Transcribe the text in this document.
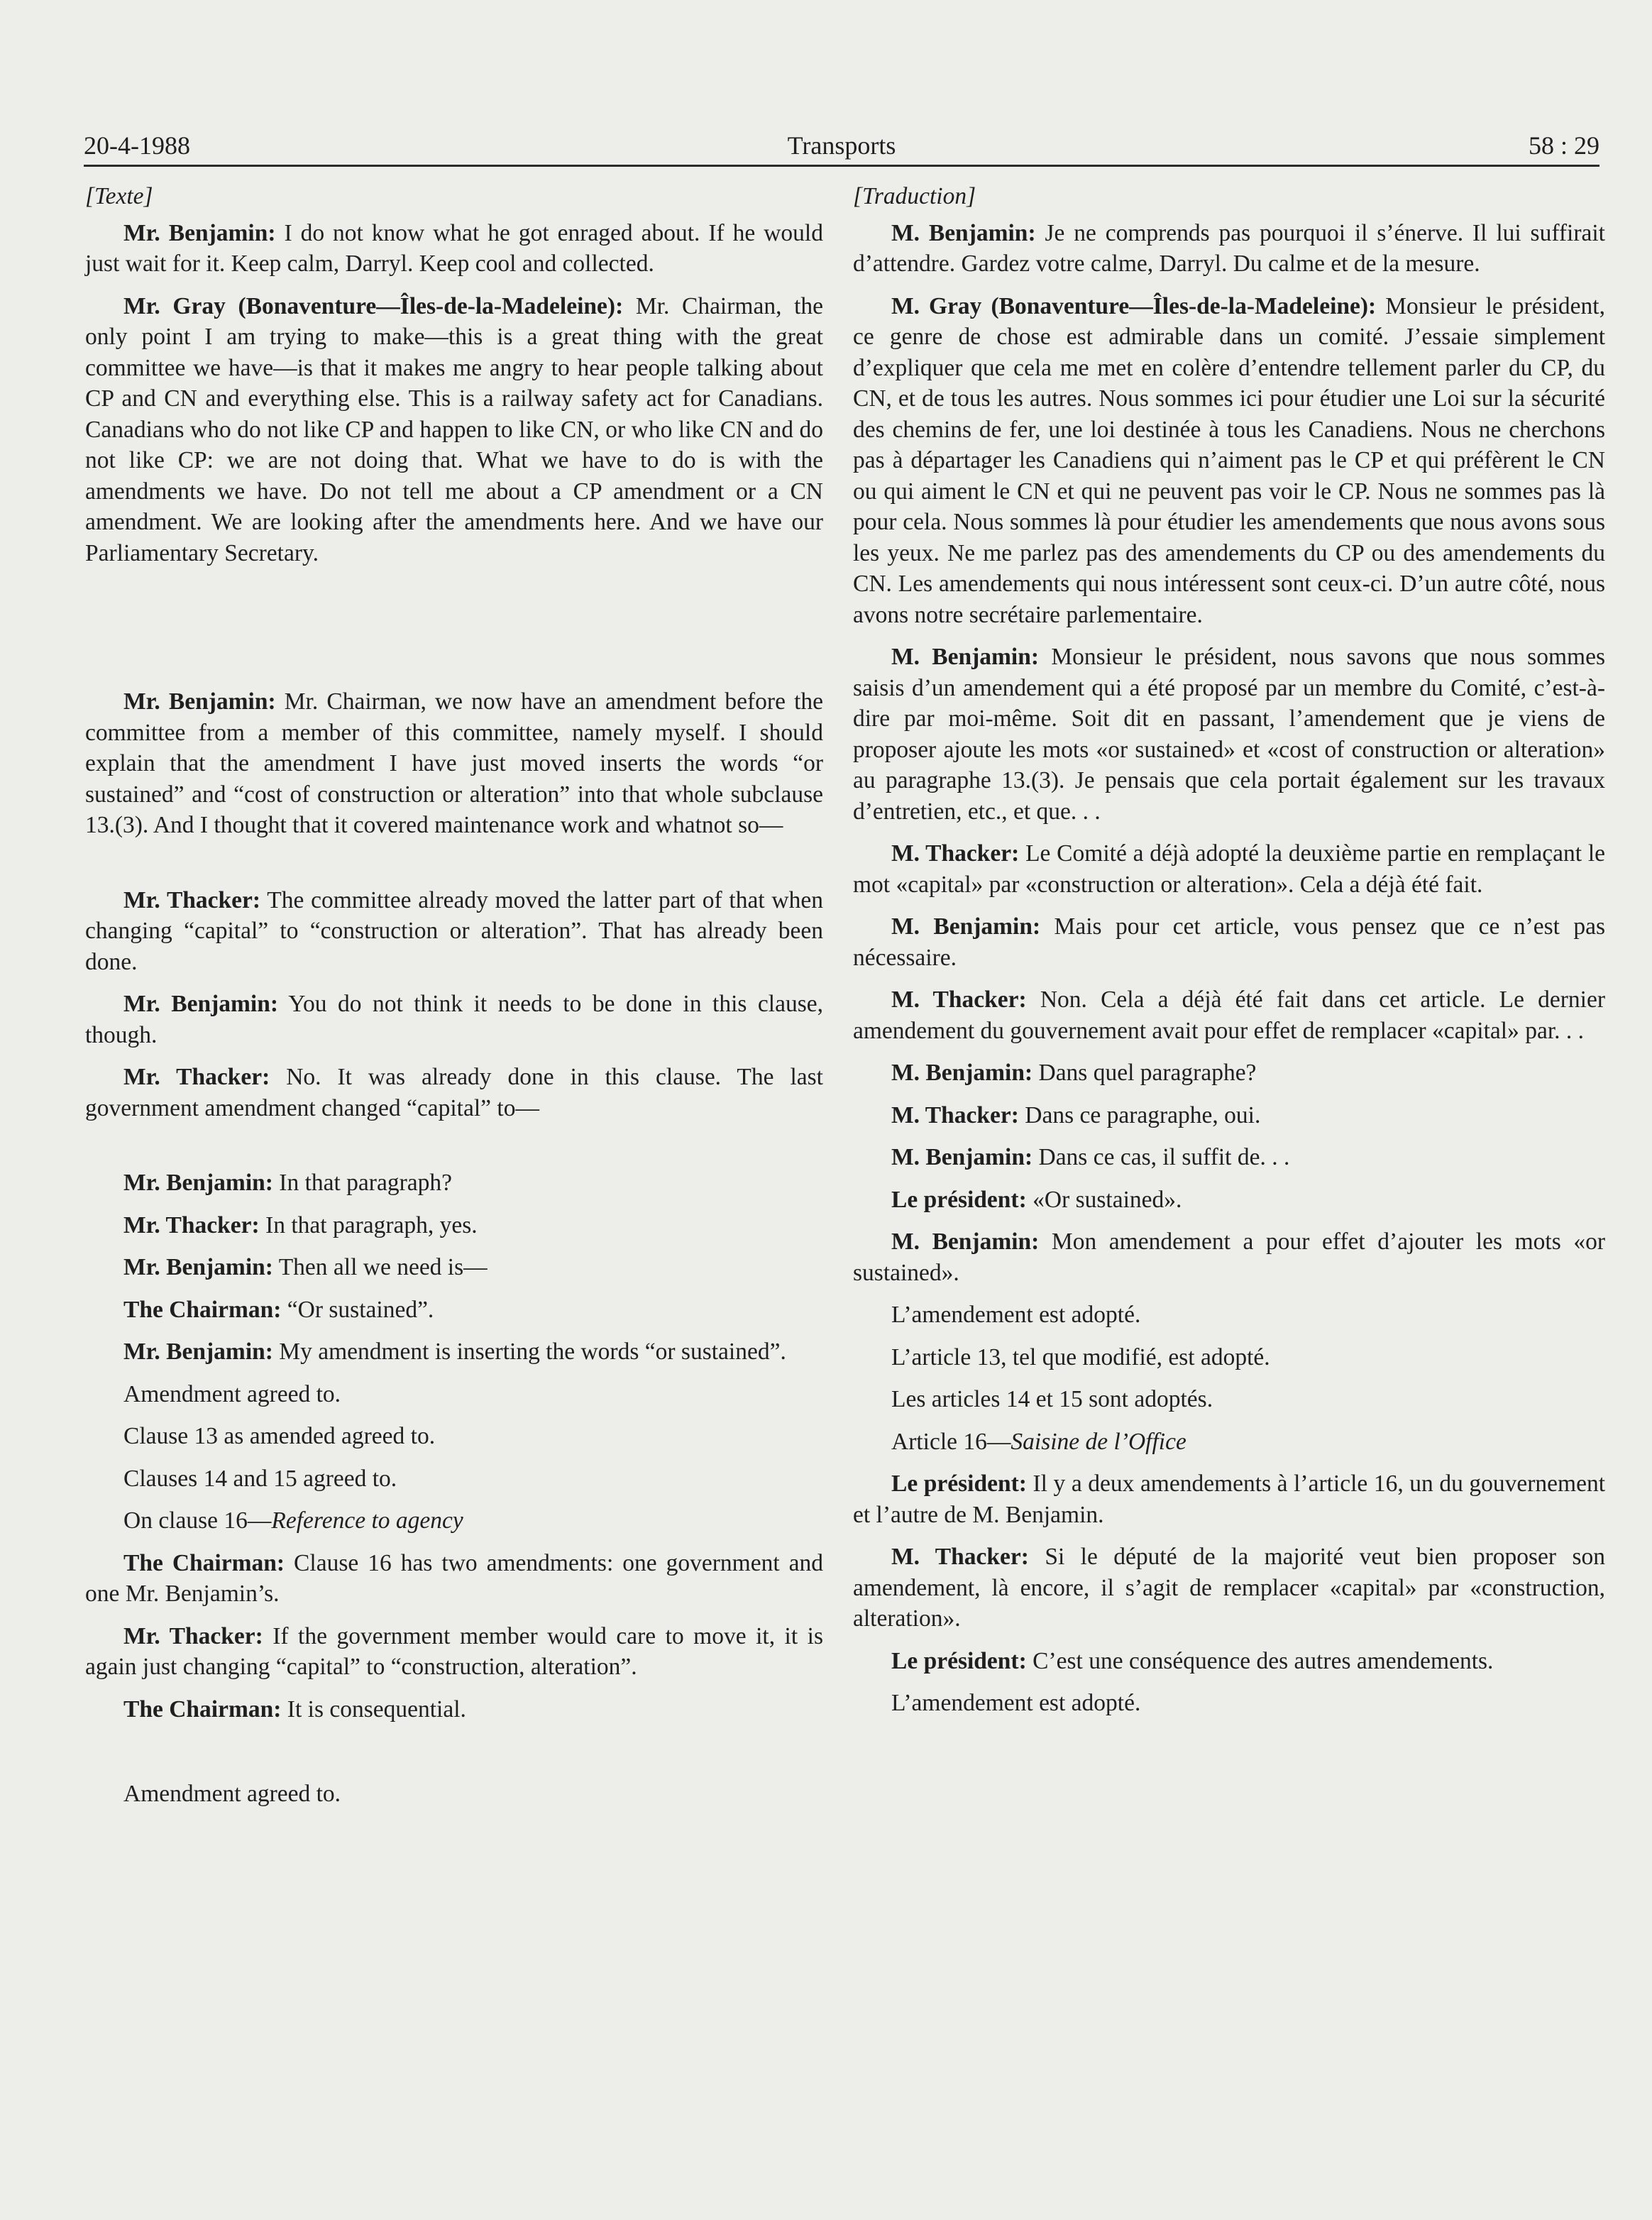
20-4-1988	Transports	58 : 29
[Texte]

Mr. Benjamin: I do not know what he got enraged about. If he would just wait for it. Keep calm, Darryl. Keep cool and collected.

Mr. Gray (Bonaventure—Îles-de-la-Madeleine): Mr. Chairman, the only point I am trying to make—this is a great thing with the great committee we have—is that it makes me angry to hear people talking about CP and CN and everything else. This is a railway safety act for Canadians. Canadians who do not like CP and happen to like CN, or who like CN and do not like CP: we are not doing that. What we have to do is with the amendments we have. Do not tell me about a CP amendment or a CN amendment. We are looking after the amendments here. And we have our Parliamentary Secretary.

Mr. Benjamin: Mr. Chairman, we now have an amendment before the committee from a member of this committee, namely myself. I should explain that the amendment I have just moved inserts the words “or sustained” and “cost of construction or alteration” into that whole subclause 13.(3). And I thought that it covered maintenance work and whatnot so—

Mr. Thacker: The committee already moved the latter part of that when changing “capital” to “construction or alteration”. That has already been done.

Mr. Benjamin: You do not think it needs to be done in this clause, though.

Mr. Thacker: No. It was already done in this clause. The last government amendment changed “capital” to—

Mr. Benjamin: In that paragraph?

Mr. Thacker: In that paragraph, yes.

Mr. Benjamin: Then all we need is—

The Chairman: “Or sustained”.

Mr. Benjamin: My amendment is inserting the words “or sustained”.

Amendment agreed to.

Clause 13 as amended agreed to.

Clauses 14 and 15 agreed to.

On clause 16—Reference to agency

The Chairman: Clause 16 has two amendments: one government and one Mr. Benjamin’s.

Mr. Thacker: If the government member would care to move it, it is again just changing “capital” to “construction, alteration”.

The Chairman: It is consequential.

Amendment agreed to.

[Traduction]

M. Benjamin: Je ne comprends pas pourquoi il s’énerve. Il lui suffirait d’attendre. Gardez votre calme, Darryl. Du calme et de la mesure.

M. Gray (Bonaventure—Îles-de-la-Madeleine): Monsieur le président, ce genre de chose est admirable dans un comité. J’essaie simplement d’expliquer que cela me met en colère d’entendre tellement parler du CP, du CN, et de tous les autres. Nous sommes ici pour étudier une Loi sur la sécurité des chemins de fer, une loi destinée à tous les Canadiens. Nous ne cherchons pas à départager les Canadiens qui n’aiment pas le CP et qui préfèrent le CN ou qui aiment le CN et qui ne peuvent pas voir le CP. Nous ne sommes pas là pour cela. Nous sommes là pour étudier les amendements que nous avons sous les yeux. Ne me parlez pas des amendements du CP ou des amendements du CN. Les amendements qui nous intéressent sont ceux-ci. D’un autre côté, nous avons notre secrétaire parlementaire.

M. Benjamin: Monsieur le président, nous savons que nous sommes saisis d’un amendement qui a été proposé par un membre du Comité, c’est-à-dire par moi-même. Soit dit en passant, l’amendement que je viens de proposer ajoute les mots «or sustained» et «cost of construction or alteration» au paragraphe 13.(3). Je pensais que cela portait également sur les travaux d’entretien, etc., et que. . .

M. Thacker: Le Comité a déjà adopté la deuxième partie en remplaçant le mot «capital» par «construction or alteration». Cela a déjà été fait.

M. Benjamin: Mais pour cet article, vous pensez que ce n’est pas nécessaire.

M. Thacker: Non. Cela a déjà été fait dans cet article. Le dernier amendement du gouvernement avait pour effet de remplacer «capital» par. . .

M. Benjamin: Dans quel paragraphe?

M. Thacker: Dans ce paragraphe, oui.

M. Benjamin: Dans ce cas, il suffit de. . .

Le président: «Or sustained».

M. Benjamin: Mon amendement a pour effet d’ajouter les mots «or sustained».

L’amendement est adopté.

L’article 13, tel que modifié, est adopté.

Les articles 14 et 15 sont adoptés.

Article 16—Saisine de l’Office

Le président: Il y a deux amendements à l’article 16, un du gouvernement et l’autre de M. Benjamin.

M. Thacker: Si le député de la majorité veut bien proposer son amendement, là encore, il s’agit de remplacer «capital» par «construction, alteration».

Le président: C’est une conséquence des autres amendements.

L’amendement est adopté.
